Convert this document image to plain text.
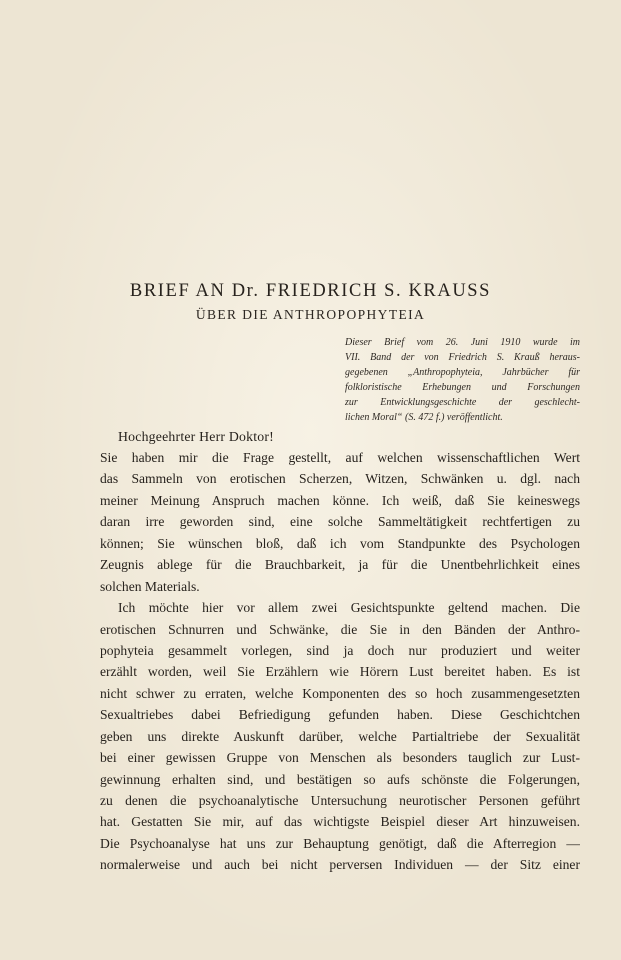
BRIEF AN Dr. FRIEDRICH S. KRAUSS

ÜBER DIE ANTHROPOPHYTEIA

Dieser Brief vom 26. Juni 1910 wurde im
VII. Band der von Friedrich S. Krauß heraus-
gegebenen „Anthropophyteia, Jahrbücher für
folkloristische Erhebungen und Forschungen
zur Entwicklungsgeschichte der geschlecht-
lichen Moral“ (S. 472 f.) veröffentlicht.
Hochgeehrter Herr Doktor!
Sie haben mir die Frage gestellt, auf welchen wissenschaftlichen Wert
das Sammeln von erotischen Scherzen, Witzen, Schwänken u. dgl. nach
meiner Meinung Anspruch machen könne. Ich weiß, daß Sie keineswegs
daran irre geworden sind, eine solche Sammeltätigkeit rechtfertigen zu
können; Sie wünschen bloß, daß ich vom Standpunkte des Psychologen
Zeugnis ablege für die Brauchbarkeit, ja für die Unentbehrlichkeit eines
solchen Materials.
Ich möchte hier vor allem zwei Gesichtspunkte geltend machen. Die
erotischen Schnurren und Schwänke, die Sie in den Bänden der Anthro-
pophyteia gesammelt vorlegen, sind ja doch nur produziert und weiter
erzählt worden, weil Sie Erzählern wie Hörern Lust bereitet haben. Es ist
nicht schwer zu erraten, welche Komponenten des so hoch zusammengesetzten
Sexualtriebes dabei Befriedigung gefunden haben. Diese Geschichtchen
geben uns direkte Auskunft darüber, welche Partialtriebe der Sexualität
bei einer gewissen Gruppe von Menschen als besonders tauglich zur Lust-
gewinnung erhalten sind, und bestätigen so aufs schönste die Folgerungen,
zu denen die psychoanalytische Untersuchung neurotischer Personen geführt
hat. Gestatten Sie mir, auf das wichtigste Beispiel dieser Art hinzuweisen.
Die Psychoanalyse hat uns zur Behauptung genötigt, daß die Afterregion —
normalerweise und auch bei nicht perversen Individuen — der Sitz einer
